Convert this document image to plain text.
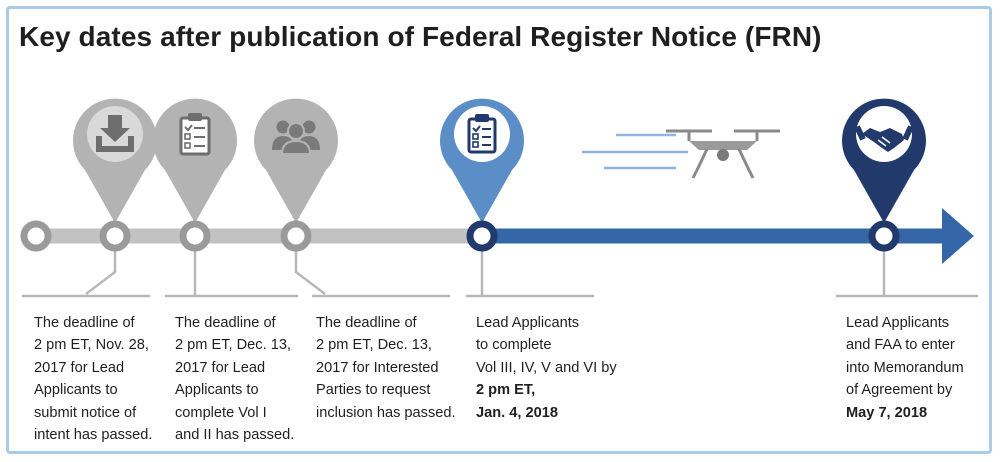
Key dates after publication of Federal Register Notice (FRN)
The deadline of
2 pm ET, Nov. 28,
2017 for Lead
Applicants to
submit notice of
intent has passed.
The deadline of
2 pm ET, Dec. 13,
2017 for Lead
Applicants to
complete Vol I
and II has passed.
The deadline of
2 pm ET, Dec. 13,
2017 for Interested
Parties to request
inclusion has passed.
Lead Applicants
to complete
Vol III, IV, V and VI by
2 pm ET,
Jan. 4, 2018
Lead Applicants
and FAA to enter
into Memorandum
of Agreement by
May 7, 2018
